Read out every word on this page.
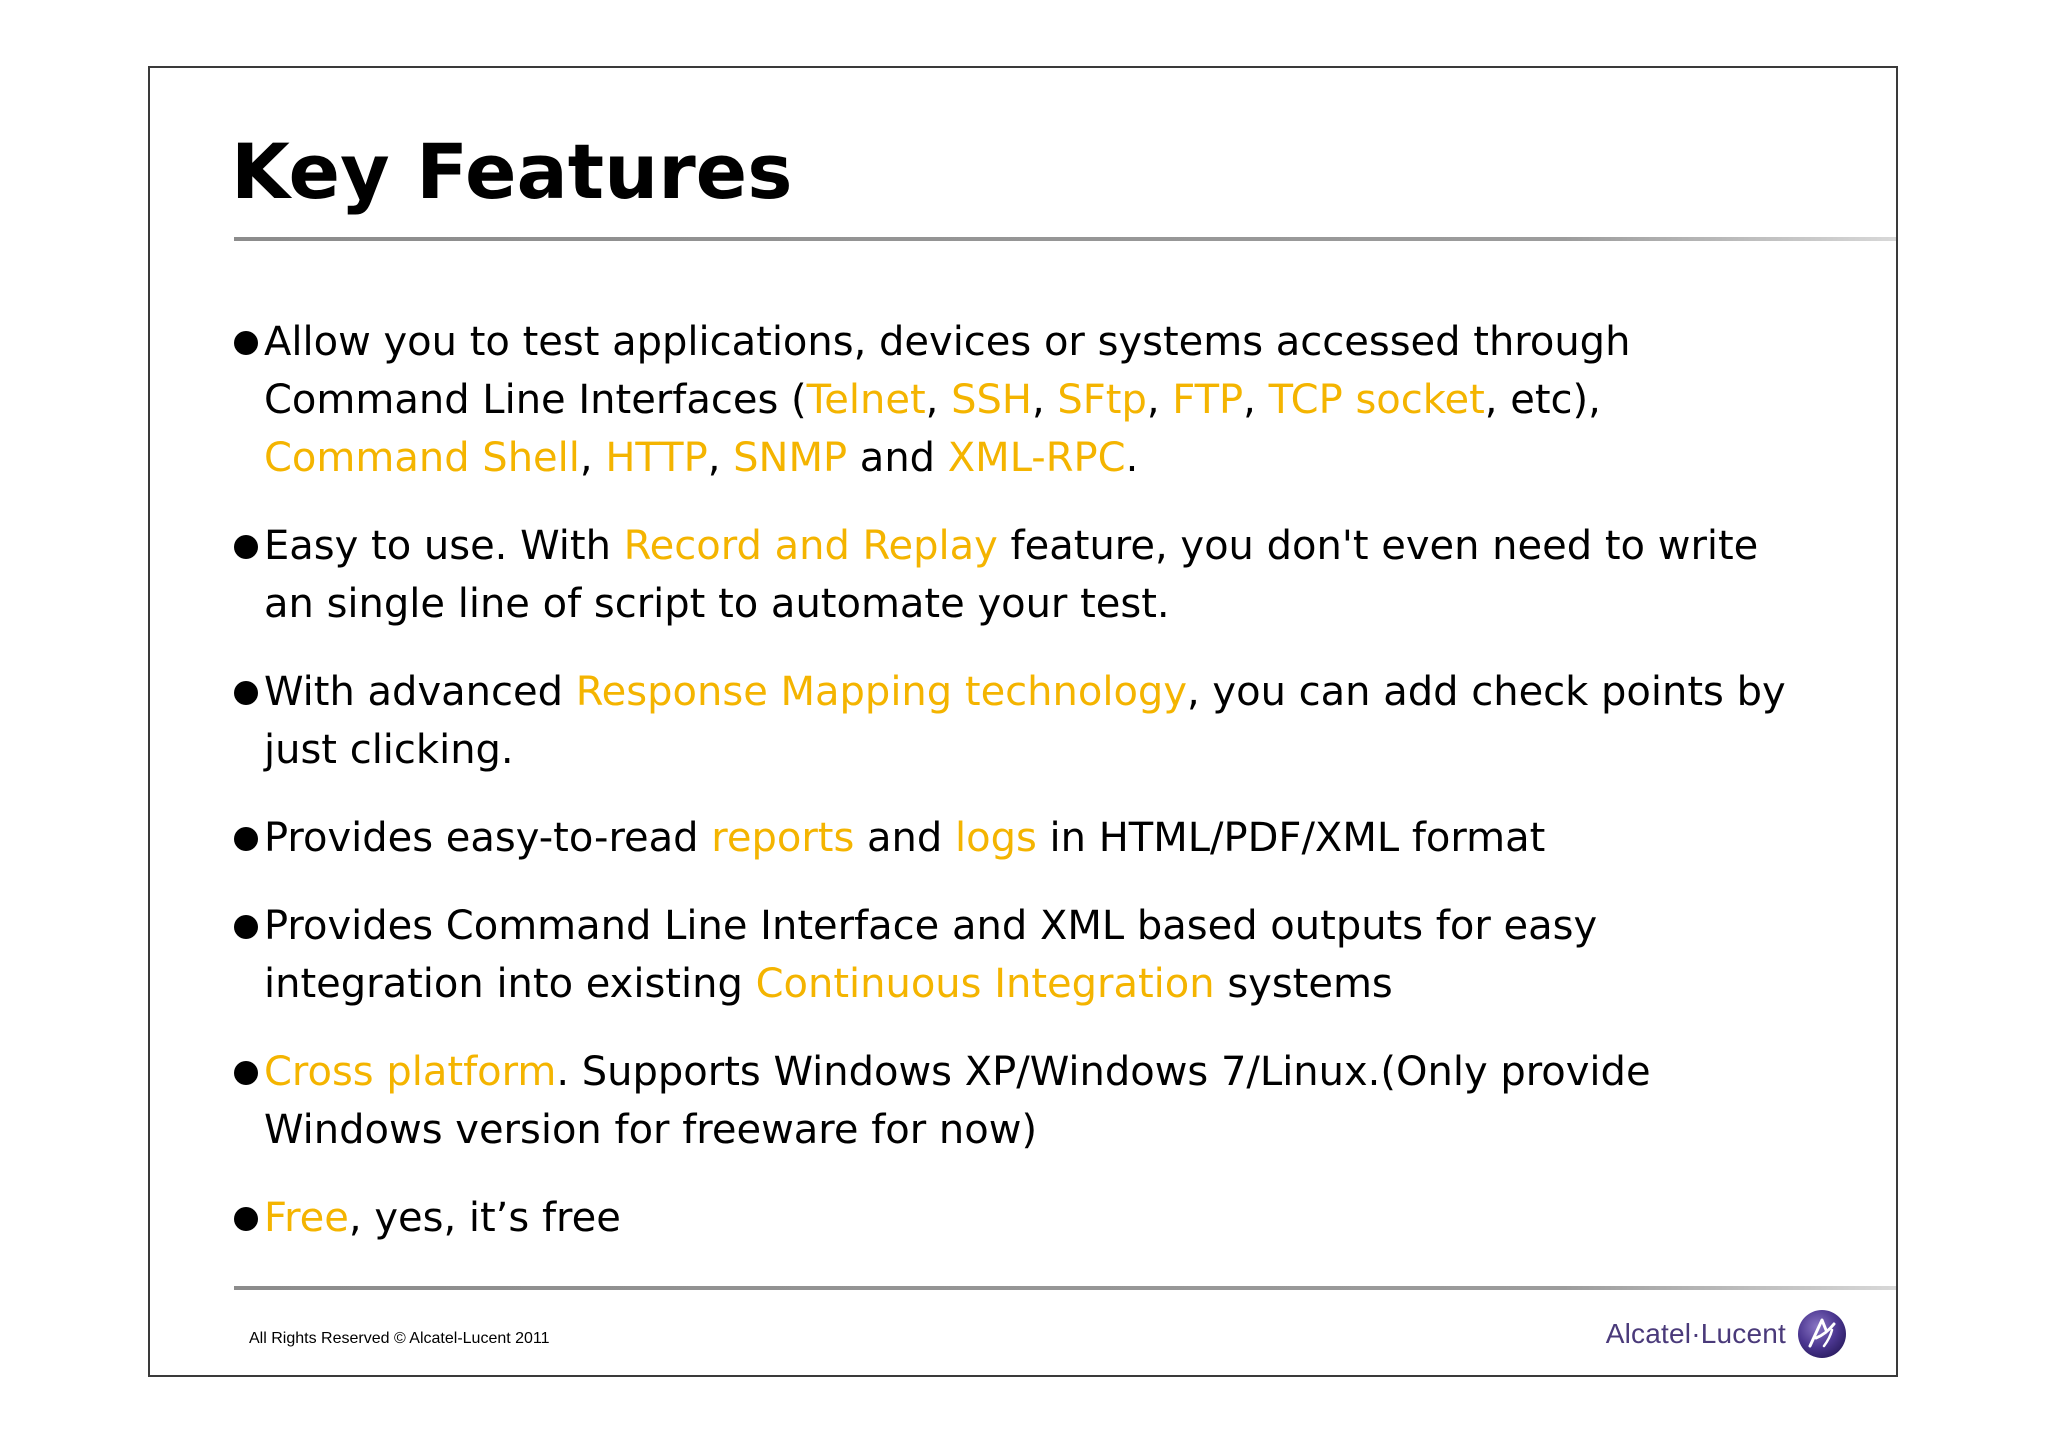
Key Features
Allow you to test applications, devices or systems accessed through
Command Line Interfaces (Telnet, SSH, SFtp, FTP, TCP socket, etc),
Command Shell, HTTP, SNMP and XML-RPC.
Easy to use. With Record and Replay feature, you don't even need to write
an single line of script to automate your test.
With advanced Response Mapping technology, you can add check points by
just clicking.
Provides easy-to-read reports and logs in HTML/PDF/XML format
Provides Command Line Interface and XML based outputs for easy
integration into existing Continuous Integration systems
Cross platform. Supports Windows XP/Windows 7/Linux.(Only provide
Windows version for freeware for now)
Free, yes, it’s free
All Rights Reserved © Alcatel-Lucent 2011	Alcatel·Lucent
